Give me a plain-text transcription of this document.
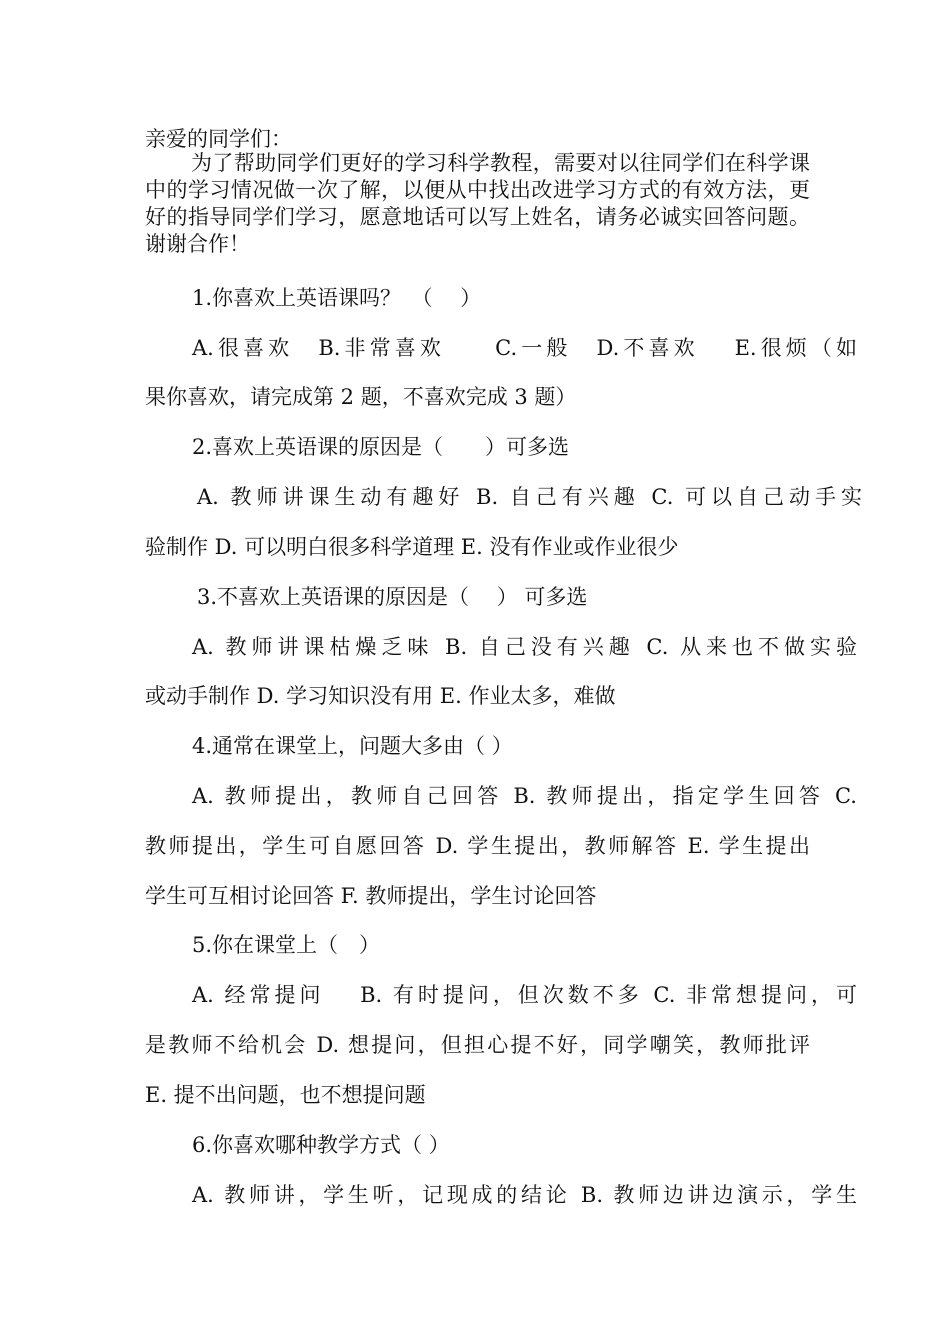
亲爱的同学们：
为了帮助同学们更好的学习科学教程，需要对以往同学们在科学课中的学习情况做一次了解，以便从中找出改进学习方式的有效方法，更好的指导同学们学习，愿意地话可以写上姓名，请务必诚实回答问题。 谢谢合作！
1.你喜欢上英语课吗？　（　 ）
A.很喜欢　B.非常喜欢　　C.一般　D.不喜欢　 E.很烦（如
果你喜欢，请完成第 2 题，不喜欢完成 3 题）
2.喜欢上英语课的原因是（　　）可多选
A. 教师讲课生动有趣好 B. 自己有兴趣 C. 可以自己动手实
验制作 D. 可以明白很多科学道理 E. 没有作业或作业很少
3.不喜欢上英语课的原因是（　 ） 可多选
A. 教师讲课枯燥乏味 B. 自己没有兴趣 C. 从来也不做实验
或动手制作 D. 学习知识没有用 E. 作业太多，难做
4.通常在课堂上，问题大多由（ ）
A. 教师提出，教师自己回答 B. 教师提出，指定学生回答 C.
教师提出，学生可自愿回答 D. 学生提出，教师解答 E. 学生提出
学生可互相讨论回答 F. 教师提出，学生讨论回答
5.你在课堂上（　）
A. 经常提问　 B. 有时提问，但次数不多 C. 非常想提问，可
是教师不给机会 D. 想提问，但担心提不好，同学嘲笑，教师批评
E. 提不出问题，也不想提问题
6.你喜欢哪种教学方式（ ）
A. 教师讲，学生听，记现成的结论 B. 教师边讲边演示，学生
